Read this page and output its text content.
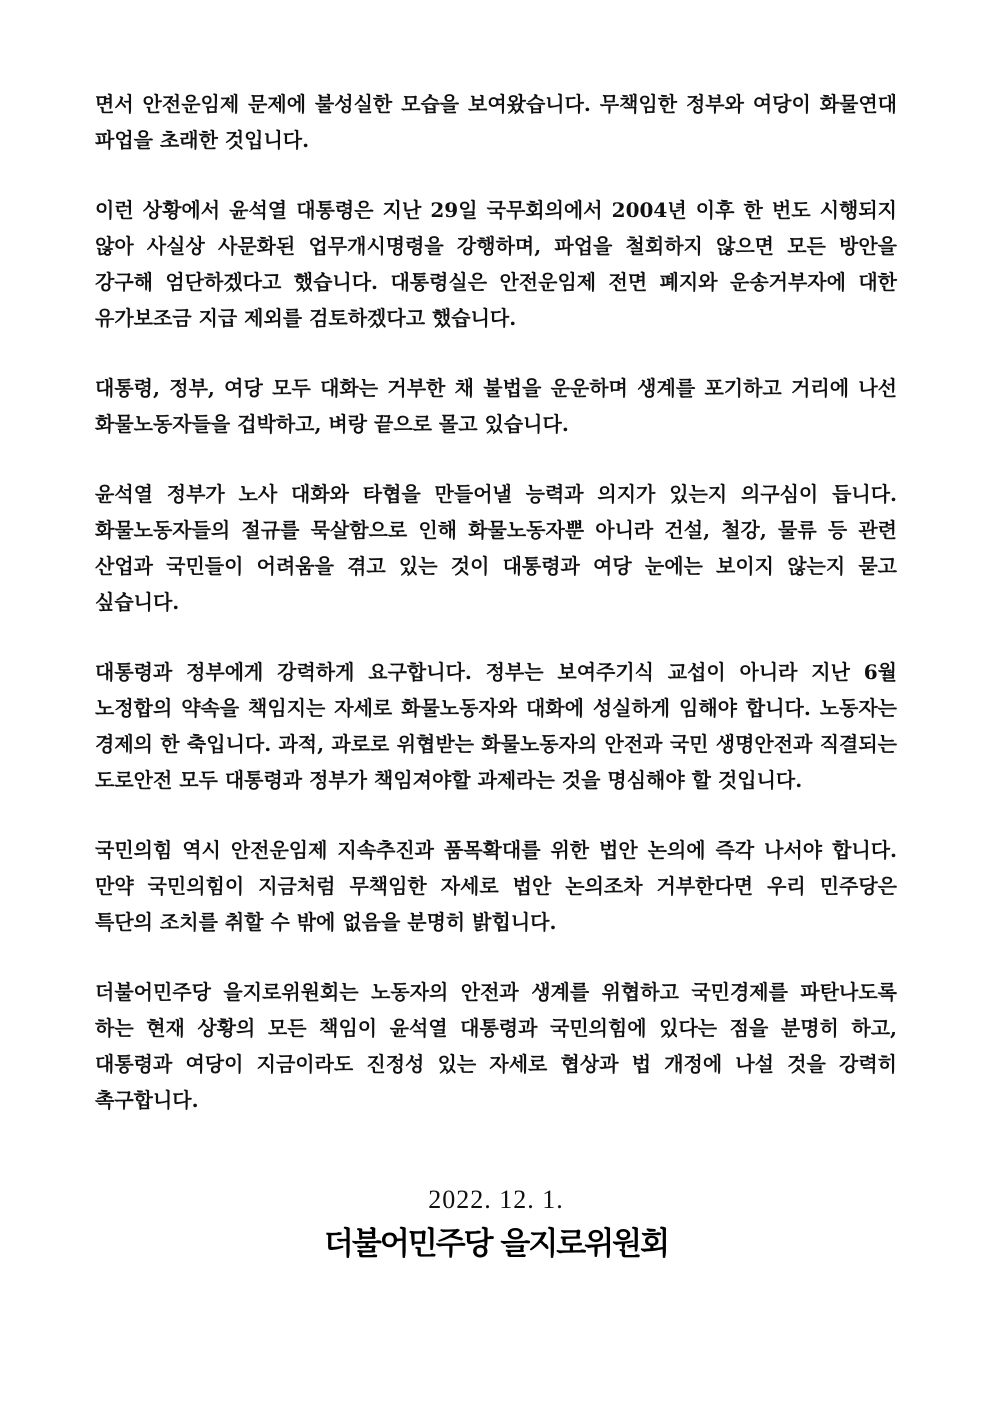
면서 안전운임제 문제에 불성실한 모습을 보여왔습니다. 무책임한 정부와 여당이 화물연대 파업을 초래한 것입니다.

이런 상황에서 윤석열 대통령은 지난 29일 국무회의에서 2004년 이후 한 번도 시행되지 않아 사실상 사문화된 업무개시명령을 강행하며, 파업을 철회하지 않으면 모든 방안을 강구해 엄단하겠다고 했습니다. 대통령실은 안전운임제 전면 폐지와 운송거부자에 대한 유가보조금 지급 제외를 검토하겠다고 했습니다.

대통령, 정부, 여당 모두 대화는 거부한 채 불법을 운운하며 생계를 포기하고 거리에 나선 화물노동자들을 겁박하고, 벼랑 끝으로 몰고 있습니다.

윤석열 정부가 노사 대화와 타협을 만들어낼 능력과 의지가 있는지 의구심이 듭니다. 화물노동자들의 절규를 묵살함으로 인해 화물노동자뿐 아니라 건설, 철강, 물류 등 관련 산업과 국민들이 어려움을 겪고 있는 것이 대통령과 여당 눈에는 보이지 않는지 묻고 싶습니다.

대통령과 정부에게 강력하게 요구합니다. 정부는 보여주기식 교섭이 아니라 지난 6월 노정합의 약속을 책임지는 자세로 화물노동자와 대화에 성실하게 임해야 합니다. 노동자는 경제의 한 축입니다. 과적, 과로로 위협받는 화물노동자의 안전과 국민 생명안전과 직결되는 도로안전 모두 대통령과 정부가 책임져야할 과제라는 것을 명심해야 할 것입니다.

국민의힘 역시 안전운임제 지속추진과 품목확대를 위한 법안 논의에 즉각 나서야 합니다. 만약 국민의힘이 지금처럼 무책임한 자세로 법안 논의조차 거부한다면 우리 민주당은 특단의 조치를 취할 수 밖에 없음을 분명히 밝힙니다.

더불어민주당 을지로위원회는 노동자의 안전과 생계를 위협하고 국민경제를 파탄나도록 하는 현재 상황의 모든 책임이 윤석열 대통령과 국민의힘에 있다는 점을 분명히 하고, 대통령과 여당이 지금이라도 진정성 있는 자세로 협상과 법 개정에 나설 것을 강력히 촉구합니다.

2022. 12. 1.
더불어민주당 을지로위원회
